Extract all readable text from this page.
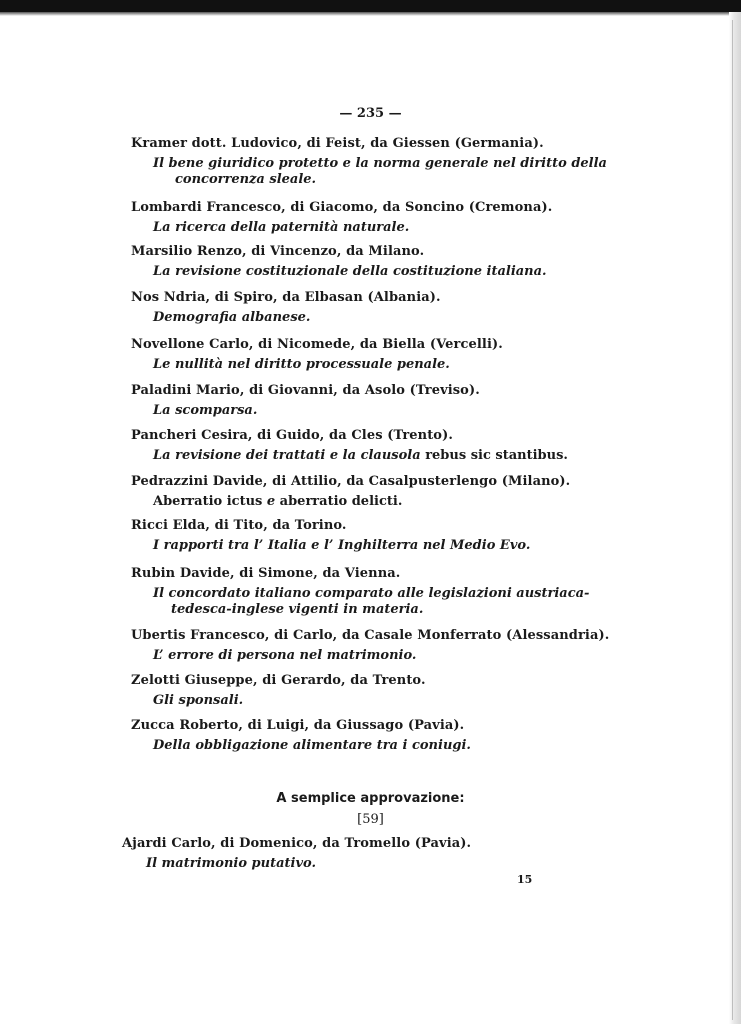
— 235 —
Kramer dott. Ludovico, di Feist, da Giessen (Germania).
Il bene giuridico protetto e la norma generale nel diritto della
concorrenza sleale.
Lombardi Francesco, di Giacomo, da Soncino (Cremona).
La ricerca della paternità naturale.
Marsilio Renzo, di Vincenzo, da Milano.
La revisione costituzionale della costituzione italiana.
Nos Ndria, di Spiro, da Elbasan (Albania).
Demografia albanese.
Novellone Carlo, di Nicomede, da Biella (Vercelli).
Le nullità nel diritto processuale penale.
Paladini Mario, di Giovanni, da Asolo (Treviso).
La scomparsa.
Pancheri Cesira, di Guido, da Cles (Trento).
La revisione dei trattati e la clausola rebus sic stantibus.
Pedrazzini Davide, di Attilio, da Casalpusterlengo (Milano).
Aberratio ictus e aberratio delicti.
Ricci Elda, di Tito, da Torino.
I rapporti tra l’ Italia e l’ Inghilterra nel Medio Evo.
Rubin Davide, di Simone, da Vienna.
Il concordato italiano comparato alle legislazioni austriaca-
tedesca-inglese vigenti in materia.
Ubertis Francesco, di Carlo, da Casale Monferrato (Alessandria).
L’ errore di persona nel matrimonio.
Zelotti Giuseppe, di Gerardo, da Trento.
Gli sponsali.
Zucca Roberto, di Luigi, da Giussago (Pavia).
Della obbligazione alimentare tra i coniugi.
A semplice approvazione:
[59]
Ajardi Carlo, di Domenico, da Tromello (Pavia).
Il matrimonio putativo.
15
